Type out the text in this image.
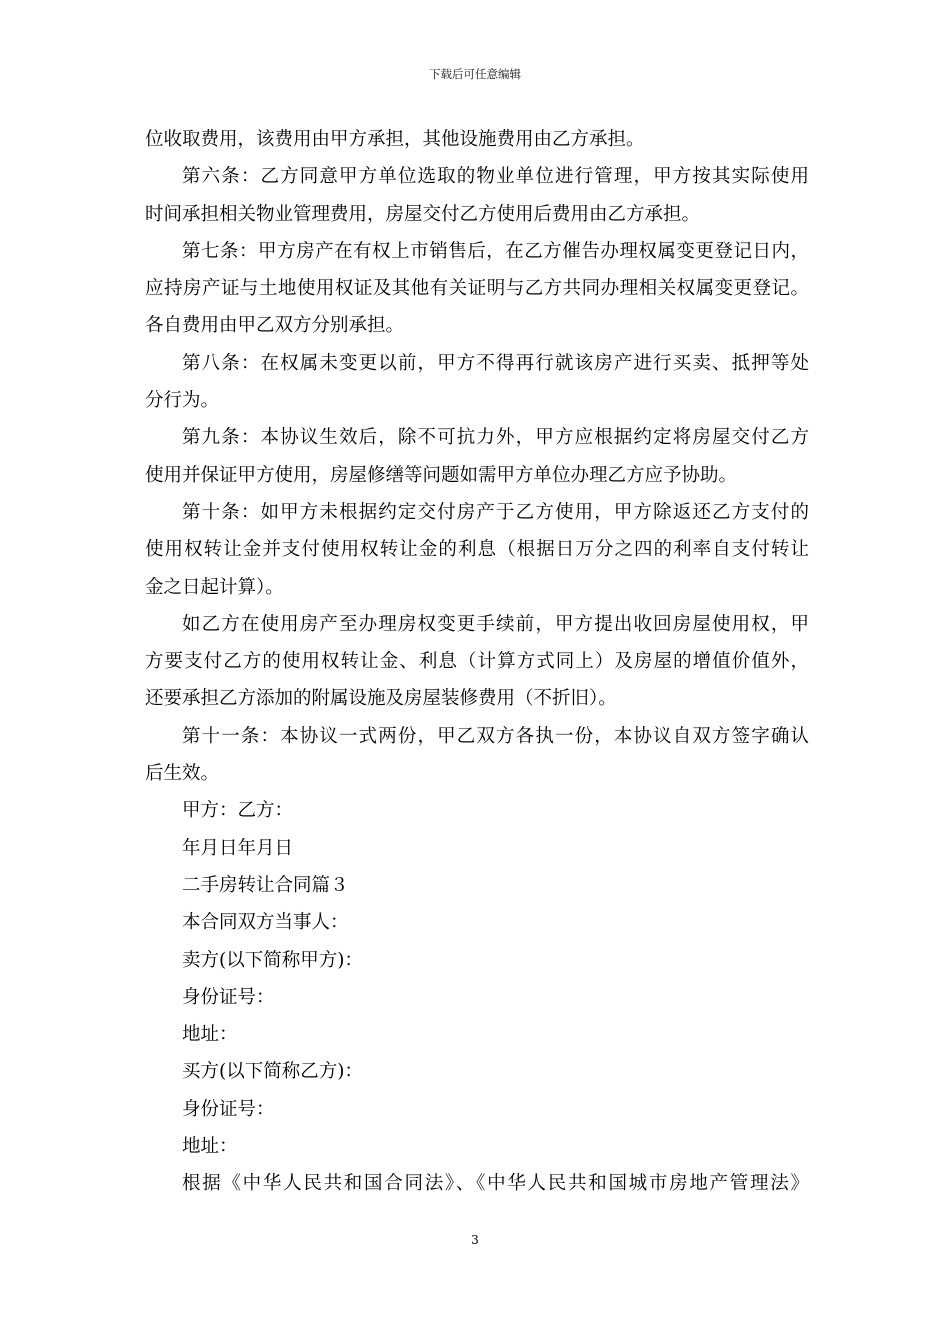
下载后可任意编辑
位收取费用，该费用由甲方承担，其他设施费用由乙方承担。
第六条：乙方同意甲方单位选取的物业单位进行管理，甲方按其实际使用
时间承担相关物业管理费用，房屋交付乙方使用后费用由乙方承担。
第七条：甲方房产在有权上市销售后，在乙方催告办理权属变更登记日内，
应持房产证与土地使用权证及其他有关证明与乙方共同办理相关权属变更登记。
各自费用由甲乙双方分别承担。
第八条：在权属未变更以前，甲方不得再行就该房产进行买卖、抵押等处
分行为。
第九条：本协议生效后，除不可抗力外，甲方应根据约定将房屋交付乙方
使用并保证甲方使用，房屋修缮等问题如需甲方单位办理乙方应予协助。
第十条：如甲方未根据约定交付房产于乙方使用，甲方除返还乙方支付的
使用权转让金并支付使用权转让金的利息（根据日万分之四的利率自支付转让
金之日起计算）。
如乙方在使用房产至办理房权变更手续前，甲方提出收回房屋使用权，甲
方要支付乙方的使用权转让金、利息（计算方式同上）及房屋的增值价值外，
还要承担乙方添加的附属设施及房屋装修费用（不折旧）。
第十一条：本协议一式两份，甲乙双方各执一份，本协议自双方签字确认
后生效。
甲方：乙方：
年月日年月日
二手房转让合同篇３
本合同双方当事人：
卖方(以下简称甲方)：
身份证号：
地址：
买方(以下简称乙方)：
身份证号：
地址：
根据《中华人民共和国合同法》、《中华人民共和国城市房地产管理法》
3
